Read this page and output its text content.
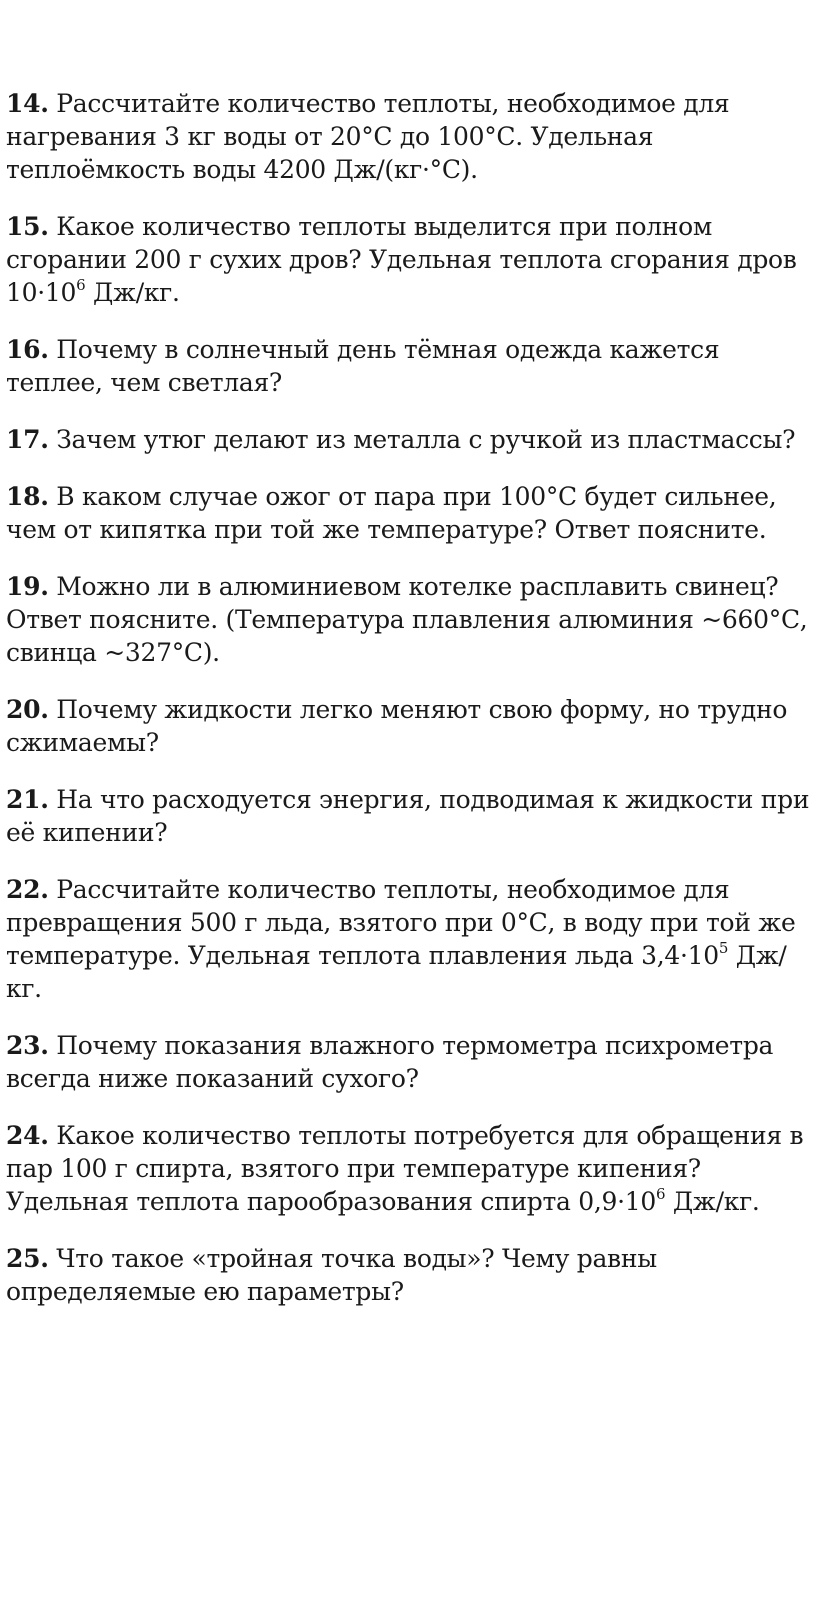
14. Рассчитайте количество теплоты, необходимое для нагревания 3 кг воды от 20°С до 100°С. Удельная теплоёмкость воды 4200 Дж/(кг·°С).
15. Какое количество теплоты выделится при полном сгорании 200 г сухих дров? Удельная теплота сгорания дров $10\cdot 10^6$ Дж/кг.
16. Почему в солнечный день тёмная одежда кажется теплее, чем светлая?
17. Зачем утюг делают из металла с ручкой из пластмассы?
18. В каком случае ожог от пара при 100°С будет сильнее, чем от кипятка при той же температуре? Ответ поясните.
19. Можно ли в алюминиевом котелке расплавить свинец? Ответ поясните. (Температура плавления алюминия ~660°С, свинца ~327°С).
20. Почему жидкости легко меняют свою форму, но трудно сжимаемы?
21. На что расходуется энергия, подводимая к жидкости при её кипении?
22. Рассчитайте количество теплоты, необходимое для превращения 500 г льда, взятого при 0°С, в воду при той же температуре. Удельная теплота плавления льда $3,4\cdot 10^5$ Дж/кг.
23. Почему показания влажного термометра психрометра всегда ниже показаний сухого?
24. Какое количество теплоты потребуется для обращения в пар 100 г спирта, взятого при температуре кипения? Удельная теплота парообразования спирта $0,9\cdot 10^6$ Дж/кг.
25. Что такое «тройная точка воды»? Чему равны определяемые ею параметры?
